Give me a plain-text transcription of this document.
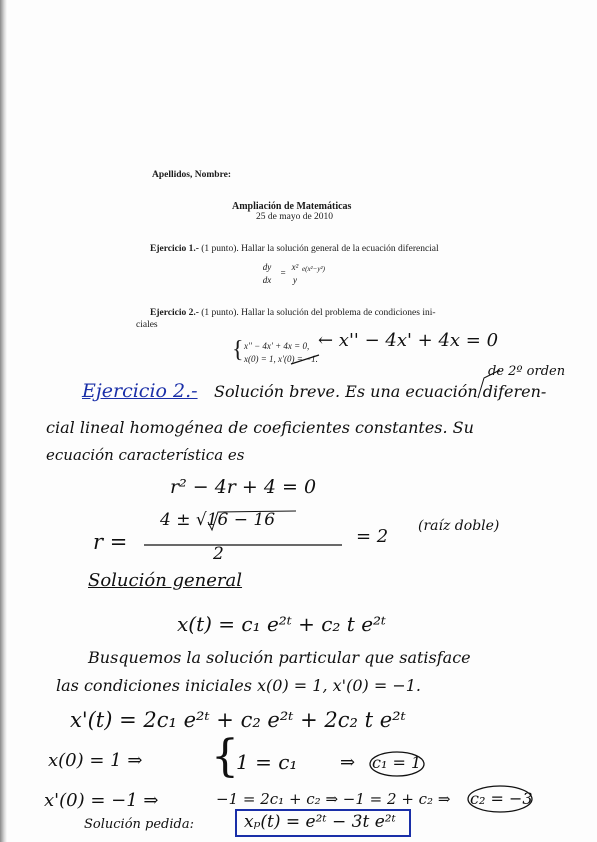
Apellidos, Nombre:
Ampliación de Matemáticas
25 de mayo de 2010
Ejercicio 1.- (1 punto). Hallar la solución general de la ecuación diferencial
dy
dx
=
x²
y
e(x²−y²)
Ejercicio 2.- (1 punto). Hallar la solución del problema de condiciones ini-
ciales
{ x'' − 4x' + 4x = 0,
x(0) = 1, x'(0) = −1.
← x'' − 4x' + 4x = 0
Ejercicio 2.- Solución breve. Es una ecuación diferen-
de 2º orden
cial lineal homogénea de coeficientes constantes. Su
ecuación característica es
r² − 4r + 4 = 0
r =
4 ± √16 − 16
2
= 2 (raíz doble)
Solución general
x(t) = c₁ e²ᵗ + c₂ t e²ᵗ
Busquemos la solución particular que satisface
las condiciones iniciales x(0) = 1, x'(0) = −1.
x'(t) = 2c₁ e²ᵗ + c₂ e²ᵗ + 2c₂ t e²ᵗ
x(0) = 1 ⇒ {
1 = c₁ ⇒ c₁ = 1
x'(0) = −1 ⇒	−1 = 2c₁ + c₂ ⇒ −1 = 2 + c₂ ⇒ c₂ = −3
Solución pedida:	xₚ(t) = e²ᵗ − 3t e²ᵗ
